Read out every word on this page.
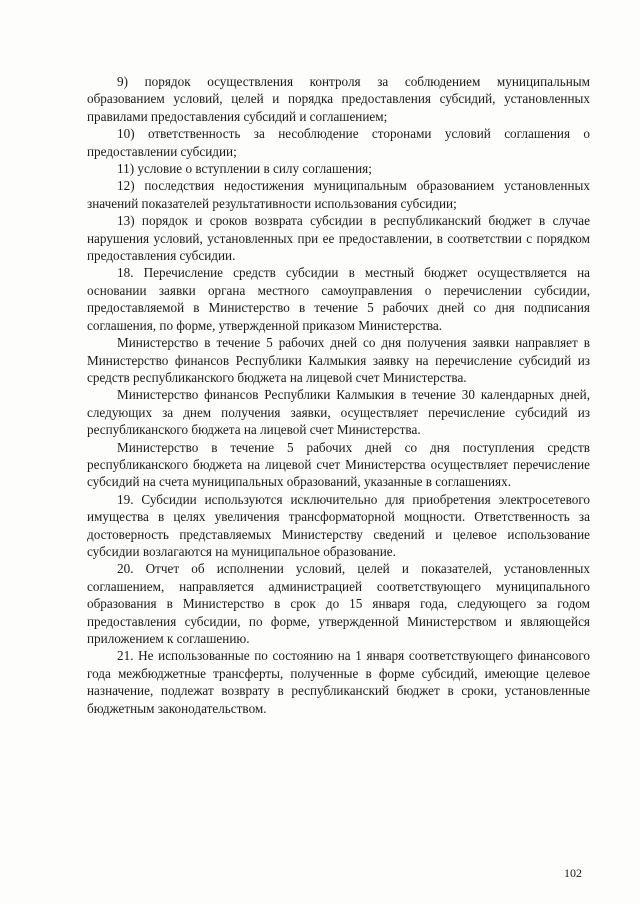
9) порядок осуществления контроля за соблюдением муниципальным образованием условий, целей и порядка предоставления субсидий, установленных правилами предоставления субсидий и соглашением;

10) ответственность за несоблюдение сторонами условий соглашения о предоставлении субсидии;

11) условие о вступлении в силу соглашения;

12) последствия недостижения муниципальным образованием установленных значений показателей результативности использования субсидии;

13) порядок и сроков возврата субсидии в республиканский бюджет в случае нарушения условий, установленных при ее предоставлении, в соответствии с порядком предоставления субсидии.

18. Перечисление средств субсидии в местный бюджет осуществляется на основании заявки органа местного самоуправления о перечислении субсидии, предоставляемой в Министерство в течение 5 рабочих дней со дня подписания соглашения, по форме, утвержденной приказом Министерства.

Министерство в течение 5 рабочих дней со дня получения заявки направляет в Министерство финансов Республики Калмыкия заявку на перечисление субсидий из средств республиканского бюджета на лицевой счет Министерства.

Министерство финансов Республики Калмыкия в течение 30 календарных дней, следующих за днем получения заявки, осуществляет перечисление субсидий из республиканского бюджета на лицевой счет Министерства.

Министерство в течение 5 рабочих дней со дня поступления средств республиканского бюджета на лицевой счет Министерства осуществляет перечисление субсидий на счета муниципальных образований, указанные в соглашениях.

19. Субсидии используются исключительно для приобретения электросетевого имущества в целях увеличения трансформаторной мощности. Ответственность за достоверность представляемых Министерству сведений и целевое использование субсидии возлагаются на муниципальное образование.

20. Отчет об исполнении условий, целей и показателей, установленных соглашением, направляется администрацией соответствующего муниципального образования в Министерство в срок до 15 января года, следующего за годом предоставления субсидии, по форме, утвержденной Министерством и являющейся приложением к соглашению.

21. Не использованные по состоянию на 1 января соответствующего финансового года межбюджетные трансферты, полученные в форме субсидий, имеющие целевое назначение, подлежат возврату в республиканский бюджет в сроки, установленные бюджетным законодательством.

102
